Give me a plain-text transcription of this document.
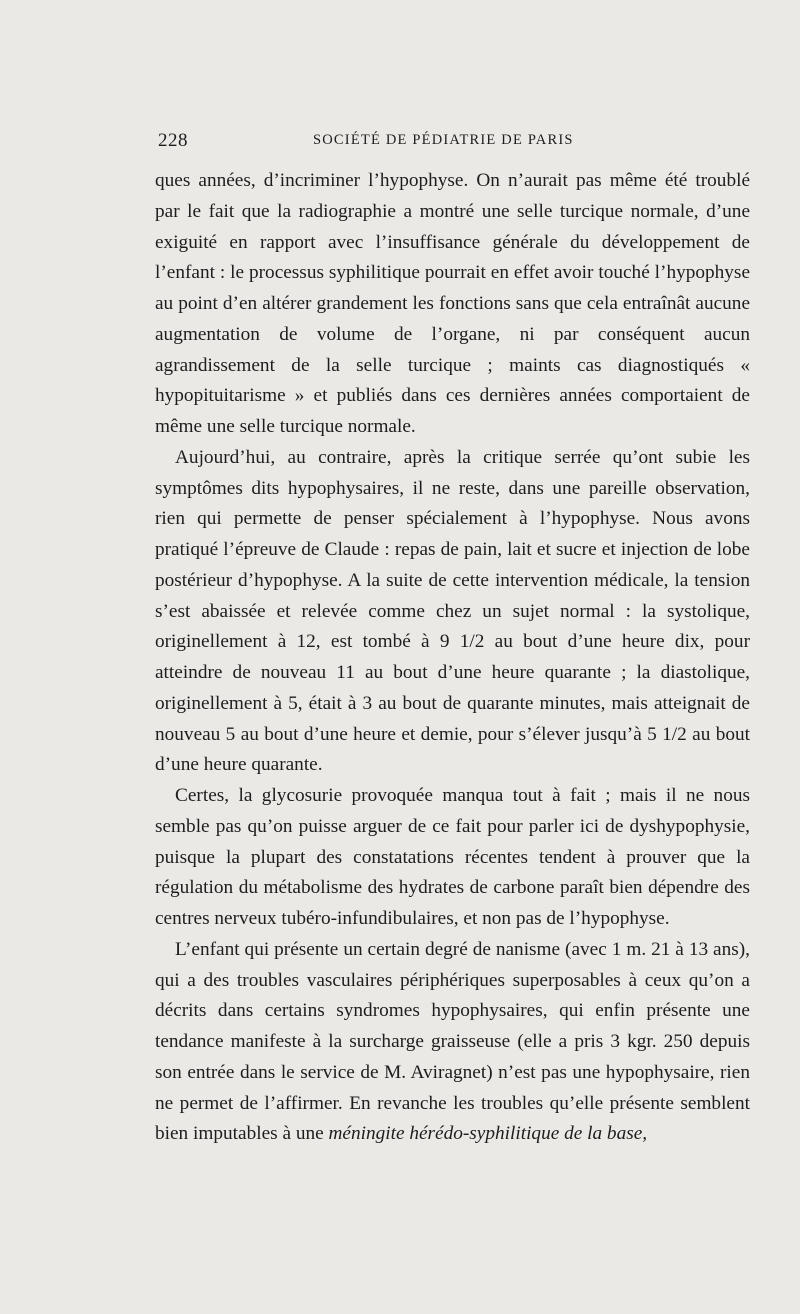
228	SOCIÉTÉ DE PÉDIATRIE DE PARIS

ques années, d’incriminer l’hypophyse. On n’aurait pas même été troublé par le fait que la radiographie a montré une selle turcique normale, d’une exiguité en rapport avec l’insuffisance générale du développement de l’enfant : le processus syphilitique pourrait en effet avoir touché l’hypophyse au point d’en altérer grandement les fonctions sans que cela entraînât aucune augmentation de volume de l’organe, ni par conséquent aucun agrandissement de la selle turcique ; maints cas diagnostiqués « hypopituitarisme » et publiés dans ces dernières années comportaient de même une selle turcique normale.

Aujourd’hui, au contraire, après la critique serrée qu’ont subie les symptômes dits hypophysaires, il ne reste, dans une pareille observation, rien qui permette de penser spécialement à l’hypophyse. Nous avons pratiqué l’épreuve de Claude : repas de pain, lait et sucre et injection de lobe postérieur d’hypophyse. A la suite de cette intervention médicale, la tension s’est abaissée et relevée comme chez un sujet normal : la systolique, originellement à 12, est tombé à 9 1/2 au bout d’une heure dix, pour atteindre de nouveau 11 au bout d’une heure quarante ; la diastolique, originellement à 5, était à 3 au bout de quarante minutes, mais atteignait de nouveau 5 au bout d’une heure et demie, pour s’élever jusqu’à 5 1/2 au bout d’une heure quarante.

Certes, la glycosurie provoquée manqua tout à fait ; mais il ne nous semble pas qu’on puisse arguer de ce fait pour parler ici de dyshypophysie, puisque la plupart des constatations récentes tendent à prouver que la régulation du métabolisme des hydrates de carbone paraît bien dépendre des centres nerveux tubéro-infundibulaires, et non pas de l’hypophyse.

L’enfant qui présente un certain degré de nanisme (avec 1 m. 21 à 13 ans), qui a des troubles vasculaires périphériques superposables à ceux qu’on a décrits dans certains syndromes hypophysaires, qui enfin présente une tendance manifeste à la surcharge graisseuse (elle a pris 3 kgr. 250 depuis son entrée dans le service de M. Aviragnet) n’est pas une hypophysaire, rien ne permet de l’affirmer. En revanche les troubles qu’elle présente semblent bien imputables à une méningite hérédo-syphilitique de la base,
